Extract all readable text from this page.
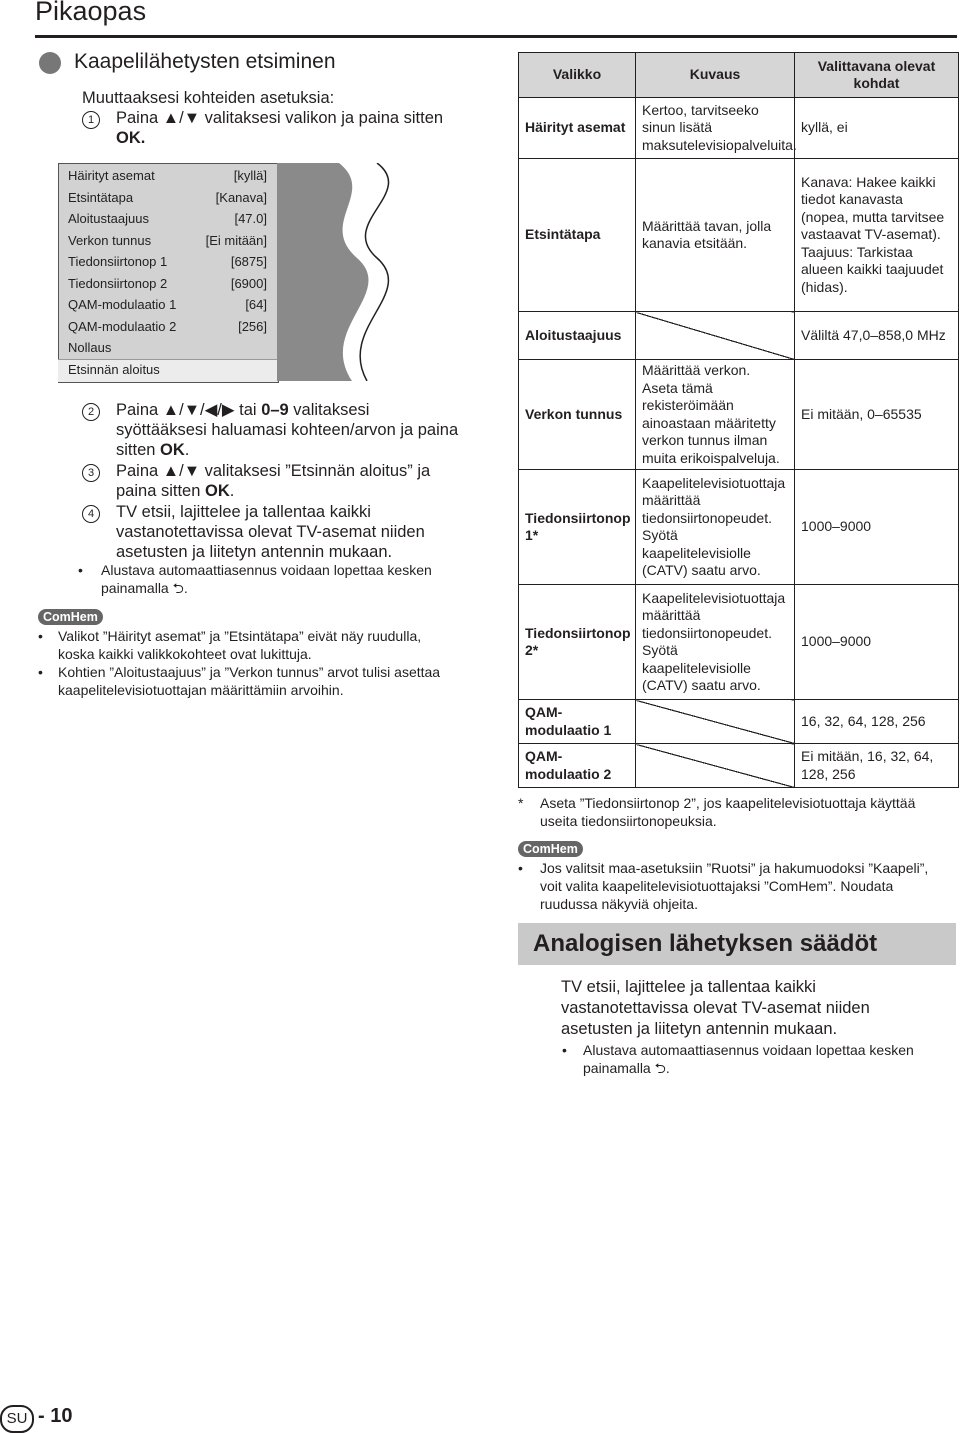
Pikaopas
Kaapelilähetysten etsiminen
Muuttaaksesi kohteiden asetuksia:
1	Paina ▲/▼ valitaksesi valikon ja paina sitten
OK.
Häirityt asemat	[kyllä]
Etsintätapa	[Kanava]
Aloitustaajuus	[47.0]
Verkon tunnus	[Ei mitään]
Tiedonsiirtonop 1	[6875]
Tiedonsiirtonop 2	[6900]
QAM-modulaatio 1	[64]
QAM-modulaatio 2	[256]
Nollaus
Etsinnän aloitus
2	Paina ▲/▼/◀/▶ tai 0–9 valitaksesi
syöttääksesi haluamasi kohteen/arvon ja paina
sitten OK.
3	Paina ▲/▼ valitaksesi ”Etsinnän aloitus” ja
paina sitten OK.
4	TV etsii, lajittelee ja tallentaa kaikki
vastanotettavissa olevat TV-asemat niiden
asetusten ja liitetyn antennin mukaan.
• Alustava automaattiasennus voidaan lopettaa kesken
painamalla ⮌.
ComHem
• Valikot ”Häirityt asemat” ja ”Etsintätapa” eivät näy ruudulla,
koska kaikki valikkokohteet ovat lukittuja.
• Kohtien ”Aloitustaajuus” ja ”Verkon tunnus” arvot tulisi asettaa
kaapelitelevisiotuottajan määrittämiin arvoihin.
Valikko	Kuvaus	Valittavana olevat kohdat
Häirityt asemat	Kertoo, tarvitseeko sinun lisätä maksutelevisiopalveluita.	kyllä, ei
Etsintätapa	Määrittää tavan, jolla kanavia etsitään.	Kanava: Hakee kaikki tiedot kanavasta (nopea, mutta tarvitsee vastaavat TV-asemat). Taajuus: Tarkistaa alueen kaikki taajuudet (hidas).
Aloitustaajuus		Väliltä 47,0–858,0 MHz
Verkon tunnus	Määrittää verkon. Aseta tämä rekisteröimään ainoastaan määritetty verkon tunnus ilman muita erikoispalveluja.	Ei mitään, 0–65535
Tiedonsiirtonop 1*	Kaapelitelevisiotuottaja määrittää tiedonsiirtonopeudet. Syötä kaapelitelevisiolle (CATV) saatu arvo.	1000–9000
Tiedonsiirtonop 2*	Kaapelitelevisiotuottaja määrittää tiedonsiirtonopeudet. Syötä kaapelitelevisiolle (CATV) saatu arvo.	1000–9000
QAM-modulaatio 1		16, 32, 64, 128, 256
QAM-modulaatio 2		Ei mitään, 16, 32, 64, 128, 256
* Aseta ”Tiedonsiirtonop 2”, jos kaapelitelevisiotuottaja käyttää
useita tiedonsiirtonopeuksia.
ComHem
• Jos valitsit maa-asetuksiin ”Ruotsi” ja hakumuodoksi ”Kaapeli”,
voit valita kaapelitelevisiotuottajaksi ”ComHem”. Noudata
ruudussa näkyviä ohjeita.
Analogisen lähetyksen säädöt
TV etsii, lajittelee ja tallentaa kaikki
vastanotettavissa olevat TV-asemat niiden
asetusten ja liitetyn antennin mukaan.
• Alustava automaattiasennus voidaan lopettaa kesken
painamalla ⮌.
SU - 10
